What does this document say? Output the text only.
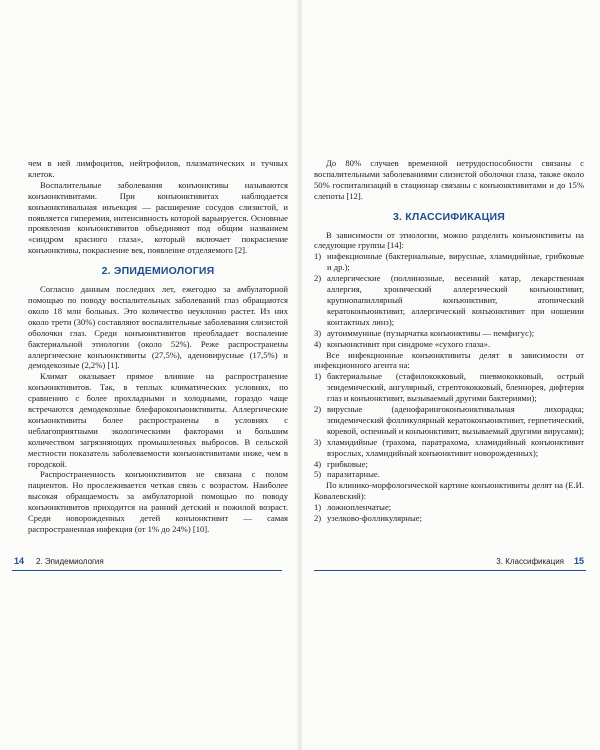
чем в ней лимфоцитов, нейтрофилов, плазматических и тучных клеток.

Воспалительные заболевания конъюнктивы называются конъюнктивитами. При конъюнктивитах наблюдается конъюнктивальная инъекция — расширение сосудов слизистой, и появляется гиперемия, интенсивность которой варьируется. Основные проявления конъюнктивитов объединяют под общим названием «синдром красного глаза», который включает покраснение конъюнктивы, покраснение век, появление отделяемого [2].

2. ЭПИДЕМИОЛОГИЯ

Согласно данным последних лет, ежегодно за амбулаторной помощью по поводу воспалительных заболеваний глаз обращаются около 18 млн больных. Это количество неуклонно растет. Из них около трети (30%) составляют воспалительные заболевания слизистой оболочки глаз. Среди конъюнктивитов преобладает воспаление бактериальной этиологии (около 52%). Реже распространены аллергические конъюнктивиты (27,5%), аденовирусные (17,5%) и демодекозные (2,2%) [1].

Климат оказывает прямое влияние на распространение конъюнктивитов. Так, в теплых климатических условиях, по сравнению с более прохладными и холодными, гораздо чаще встречаются демодекозные блефароконъюнктивиты. Аллергические конъюнктивиты более распространены в условиях с неблагоприятными экологическими факторами и большим количеством загрязняющих промышленных выбросов. В сельской местности показатель заболеваемости конъюнктивитами ниже, чем в городской.

Распространенность конъюнктивитов не связана с полом пациентов. Но прослеживается четкая связь с возрастом. Наиболее высокая обращаемость за амбулаторной помощью по поводу конъюнктивитов приходится на ранний детский и пожилой возраст. Среди новорожденных детей конъюнктивит — самая распространенная инфекция (от 1% до 24%) [10].

14 2. Эпидемиология

До 80% случаев временной нетрудоспособности связаны с воспалительными заболеваниями слизистой оболочки глаза, также около 50% госпитализаций в стационар связаны с конъюнктивитами и до 15% слепоты [12].

3. КЛАССИФИКАЦИЯ

В зависимости от этиологии, можно разделить конъюнктивиты на следующие группы [14]:

1) инфекционные (бактериальные, вирусные, хламидийные, грибковые и др.);
2) аллергические (поллинозные, весенний катар, лекарственная аллергия, хронический аллергический конъюнктивит, крупнопапиллярный конъюнктивит, атопический кератоконъюнктивит, аллергический конъюнктивит при ношении контактных линз);
3) аутоиммунные (пузырчатка конъюнктивы — пемфигус);
4) конъюнктивит при синдроме «сухого глаза».

Все инфекционные конъюнктивиты делят в зависимости от инфекционного агента на:

1) бактериальные (стафилококковый, пневмококковый, острый эпидемический, ангулярный, стрептококковый, бленнорея, дифтерия глаз и конъюнктивит, вызываемый другими бактериями);
2) вирусные (аденофарингоконъюнктивальная лихорадка; эпидемический фолликулярный кератоконъюнктивит, герпетический, коревой, оспенный и конъюнктивит, вызываемый другими вирусами);
3) хламидийные (трахома, паратрахома, хламидийный конъюнктивит взрослых, хламидийный конъюнктивит новорожденных);
4) грибковые;
5) паразитарные.

По клинико-морфологической картине конъюнктивиты делят на (Е.И. Ковалевский):

1) ложнопленчатые;
2) узелково-фолликулярные;
3. Классификация 15
